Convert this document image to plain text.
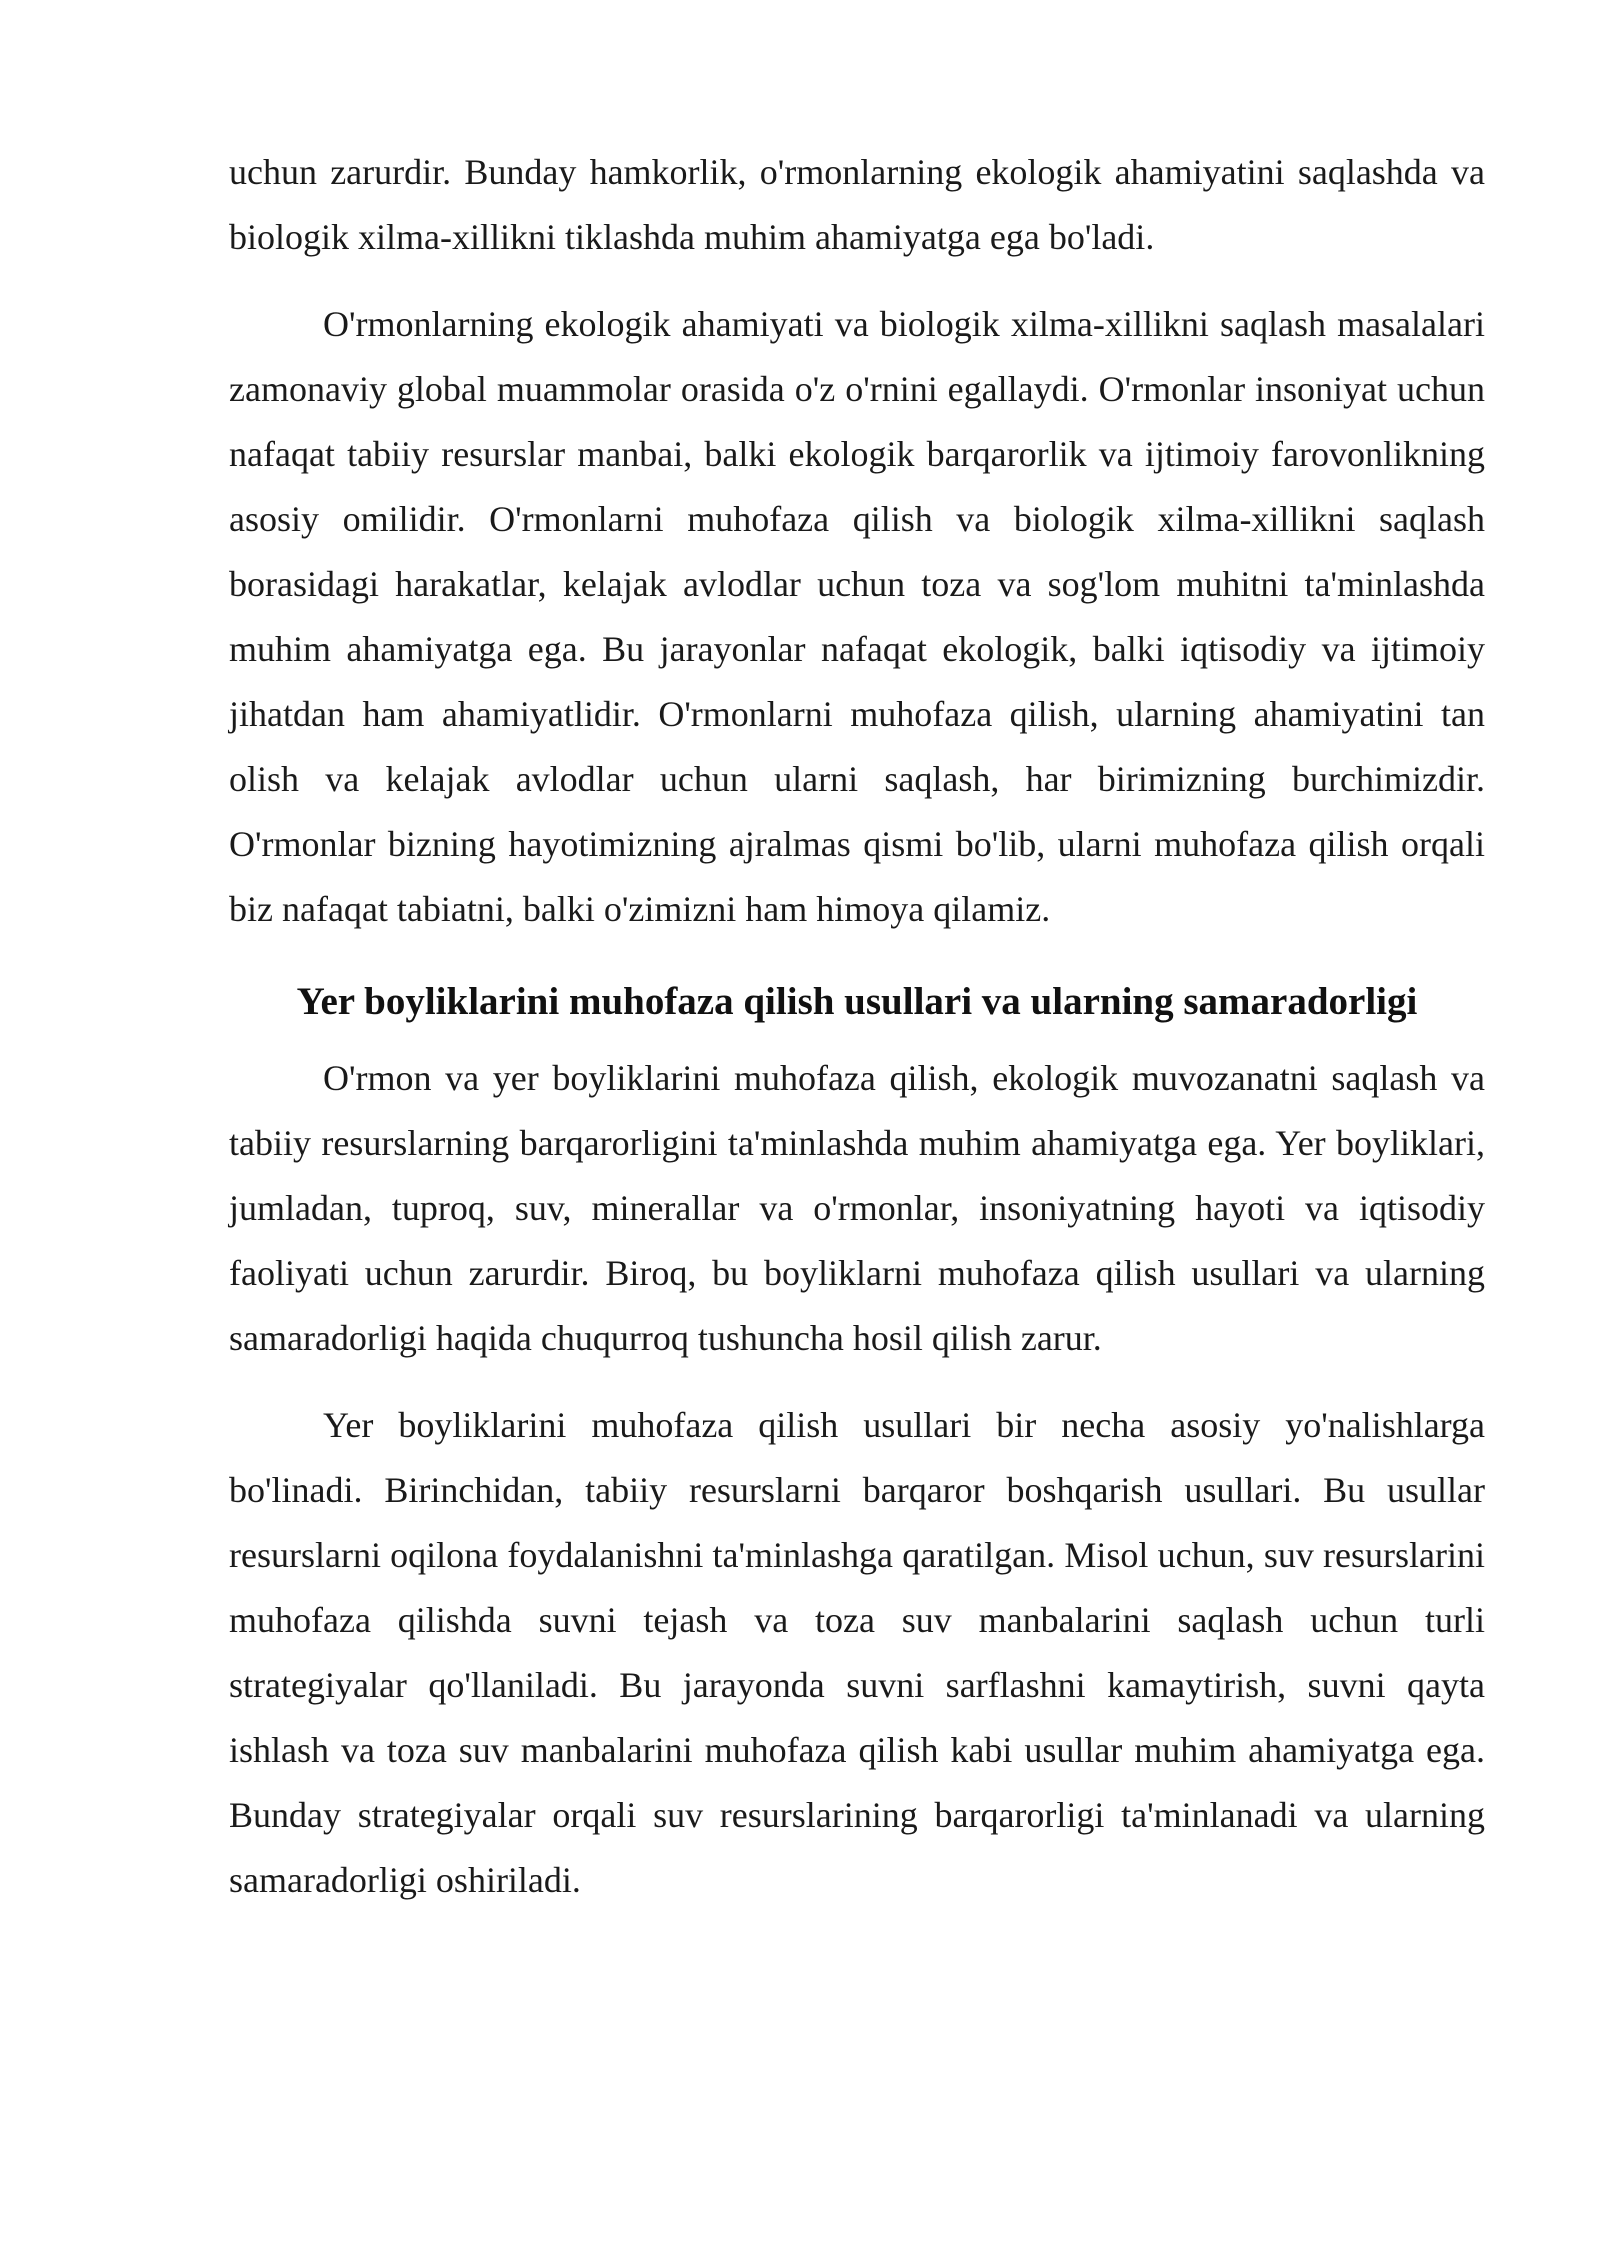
uchun zarurdir. Bunday hamkorlik, o'rmonlarning ekologik ahamiyatini saqlashda va biologik xilma-xillikni tiklashda muhim ahamiyatga ega bo'ladi.

O'rmonlarning ekologik ahamiyati va biologik xilma-xillikni saqlash masalalari zamonaviy global muammolar orasida o'z o'rnini egallaydi. O'rmonlar insoniyat uchun nafaqat tabiiy resurslar manbai, balki ekologik barqarorlik va ijtimoiy farovonlikning asosiy omilidir. O'rmonlarni muhofaza qilish va biologik xilma-xillikni saqlash borasidagi harakatlar, kelajak avlodlar uchun toza va sog'lom muhitni ta'minlashda muhim ahamiyatga ega. Bu jarayonlar nafaqat ekologik, balki iqtisodiy va ijtimoiy jihatdan ham ahamiyatlidir. O'rmonlarni muhofaza qilish, ularning ahamiyatini tan olish va kelajak avlodlar uchun ularni saqlash, har birimizning burchimizdir. O'rmonlar bizning hayotimizning ajralmas qismi bo'lib, ularni muhofaza qilish orqali biz nafaqat tabiatni, balki o'zimizni ham himoya qilamiz.

Yer boyliklarini muhofaza qilish usullari va ularning samaradorligi

O'rmon va yer boyliklarini muhofaza qilish, ekologik muvozanatni saqlash va tabiiy resurslarning barqarorligini ta'minlashda muhim ahamiyatga ega. Yer boyliklari, jumladan, tuproq, suv, minerallar va o'rmonlar, insoniyatning hayoti va iqtisodiy faoliyati uchun zarurdir. Biroq, bu boyliklarni muhofaza qilish usullari va ularning samaradorligi haqida chuqurroq tushuncha hosil qilish zarur.

Yer boyliklarini muhofaza qilish usullari bir necha asosiy yo'nalishlarga bo'linadi. Birinchidan, tabiiy resurslarni barqaror boshqarish usullari. Bu usullar resurslarni oqilona foydalanishni ta'minlashga qaratilgan. Misol uchun, suv resurslarini muhofaza qilishda suvni tejash va toza suv manbalarini saqlash uchun turli strategiyalar qo'llaniladi. Bu jarayonda suvni sarflashni kamaytirish, suvni qayta ishlash va toza suv manbalarini muhofaza qilish kabi usullar muhim ahamiyatga ega. Bunday strategiyalar orqali suv resurslarining barqarorligi ta'minlanadi va ularning samaradorligi oshiriladi.
